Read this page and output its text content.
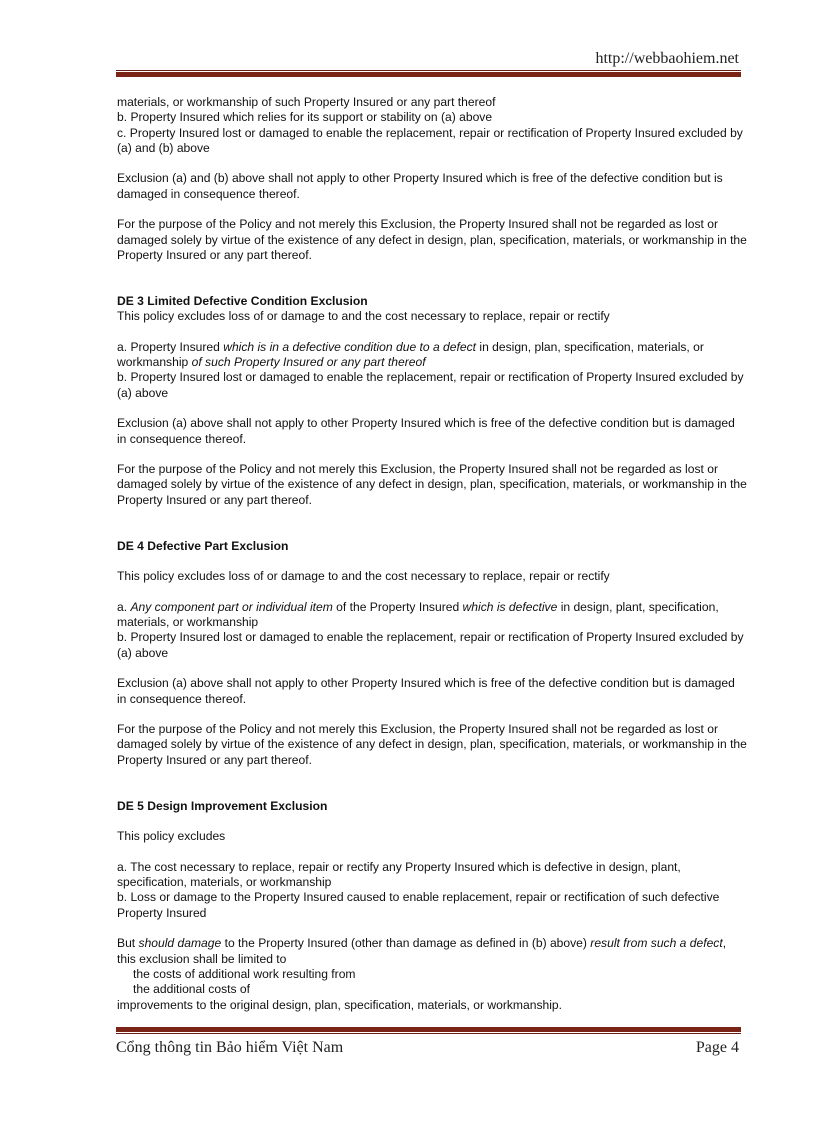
http://webbaohiem.net

materials, or workmanship of such Property Insured or any part thereof
b. Property Insured which relies for its support or stability on (a) above
c. Property Insured lost or damaged to enable the replacement, repair or rectification of Property Insured excluded by (a) and (b) above

Exclusion (a) and (b) above shall not apply to other Property Insured which is free of the defective condition but is damaged in consequence thereof.

For the purpose of the Policy and not merely this Exclusion, the Property Insured shall not be regarded as lost or damaged solely by virtue of the existence of any defect in design, plan, specification, materials, or workmanship in the Property Insured or any part thereof.

DE 3 Limited Defective Condition Exclusion

This policy excludes loss of or damage to and the cost necessary to replace, repair or rectify

a. Property Insured which is in a defective condition due to a defect in design, plan, specification, materials, or workmanship of such Property Insured or any part thereof
b. Property Insured lost or damaged to enable the replacement, repair or rectification of Property Insured excluded by (a) above

Exclusion (a) above shall not apply to other Property Insured which is free of the defective condition but is damaged in consequence thereof.

For the purpose of the Policy and not merely this Exclusion, the Property Insured shall not be regarded as lost or damaged solely by virtue of the existence of any defect in design, plan, specification, materials, or workmanship in the Property Insured or any part thereof.

DE 4 Defective Part Exclusion

This policy excludes loss of or damage to and the cost necessary to replace, repair or rectify

a. Any component part or individual item of the Property Insured which is defective in design, plant, specification, materials, or workmanship
b. Property Insured lost or damaged to enable the replacement, repair or rectification of Property Insured excluded by (a) above

Exclusion (a) above shall not apply to other Property Insured which is free of the defective condition but is damaged in consequence thereof.

For the purpose of the Policy and not merely this Exclusion, the Property Insured shall not be regarded as lost or damaged solely by virtue of the existence of any defect in design, plan, specification, materials, or workmanship in the Property Insured or any part thereof.

DE 5 Design Improvement Exclusion

This policy excludes

a. The cost necessary to replace, repair or rectify any Property Insured which is defective in design, plant, specification, materials, or workmanship
b. Loss or damage to the Property Insured caused to enable replacement, repair or rectification of such defective Property Insured

But should damage to the Property Insured (other than damage as defined in (b) above) result from such a defect, this exclusion shall be limited to

the costs of additional work resulting from
the additional costs of
improvements to the original design, plan, specification, materials, or workmanship.
Cổng thông tin Bảo hiểm Việt Nam	Page 4
